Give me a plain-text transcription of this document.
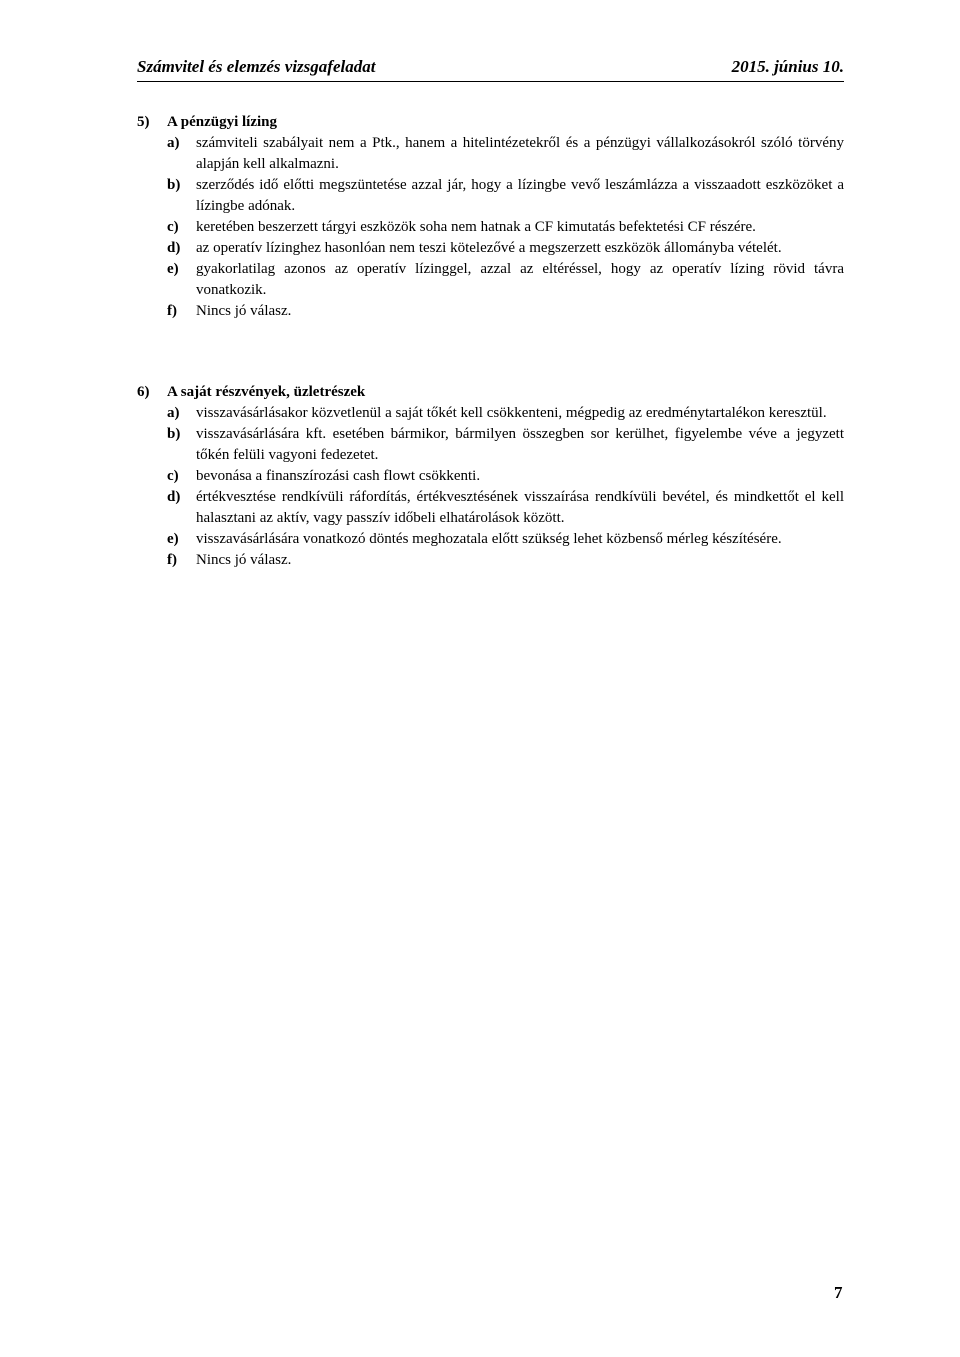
Számvitel és elemzés vizsgafeladat	2015. június 10.
5) A pénzügyi lízing
a) számviteli szabályait nem a Ptk., hanem a hitelintézetekről és a pénzügyi vállalkozásokról szóló törvény alapján kell alkalmazni.
b) szerződés idő előtti megszüntetése azzal jár, hogy a lízingbe vevő leszámlázza a visszaadott eszközöket a lízingbe adónak.
c) keretében beszerzett tárgyi eszközök soha nem hatnak a CF kimutatás befektetési CF részére.
d) az operatív lízinghez hasonlóan nem teszi kötelezővé a megszerzett eszközök állományba vételét.
e) gyakorlatilag azonos az operatív lízinggel, azzal az eltéréssel, hogy az operatív lízing rövid távra vonatkozik.
f) Nincs jó válasz.
6) A saját részvények, üzletrészek
a) visszavásárlásakor közvetlenül a saját tőkét kell csökkenteni, mégpedig az eredménytartalékon keresztül.
b) visszavásárlására kft. esetében bármikor, bármilyen összegben sor kerülhet, figyelembe véve a jegyzett tőkén felüli vagyoni fedezetet.
c) bevonása a finanszírozási cash flowt csökkenti.
d) értékvesztése rendkívüli ráfordítás, értékvesztésének visszaírása rendkívüli bevétel, és mindkettőt el kell halasztani az aktív, vagy passzív időbeli elhatárolások között.
e) visszavásárlására vonatkozó döntés meghozatala előtt szükség lehet közbenső mérleg készítésére.
f) Nincs jó válasz.
7
